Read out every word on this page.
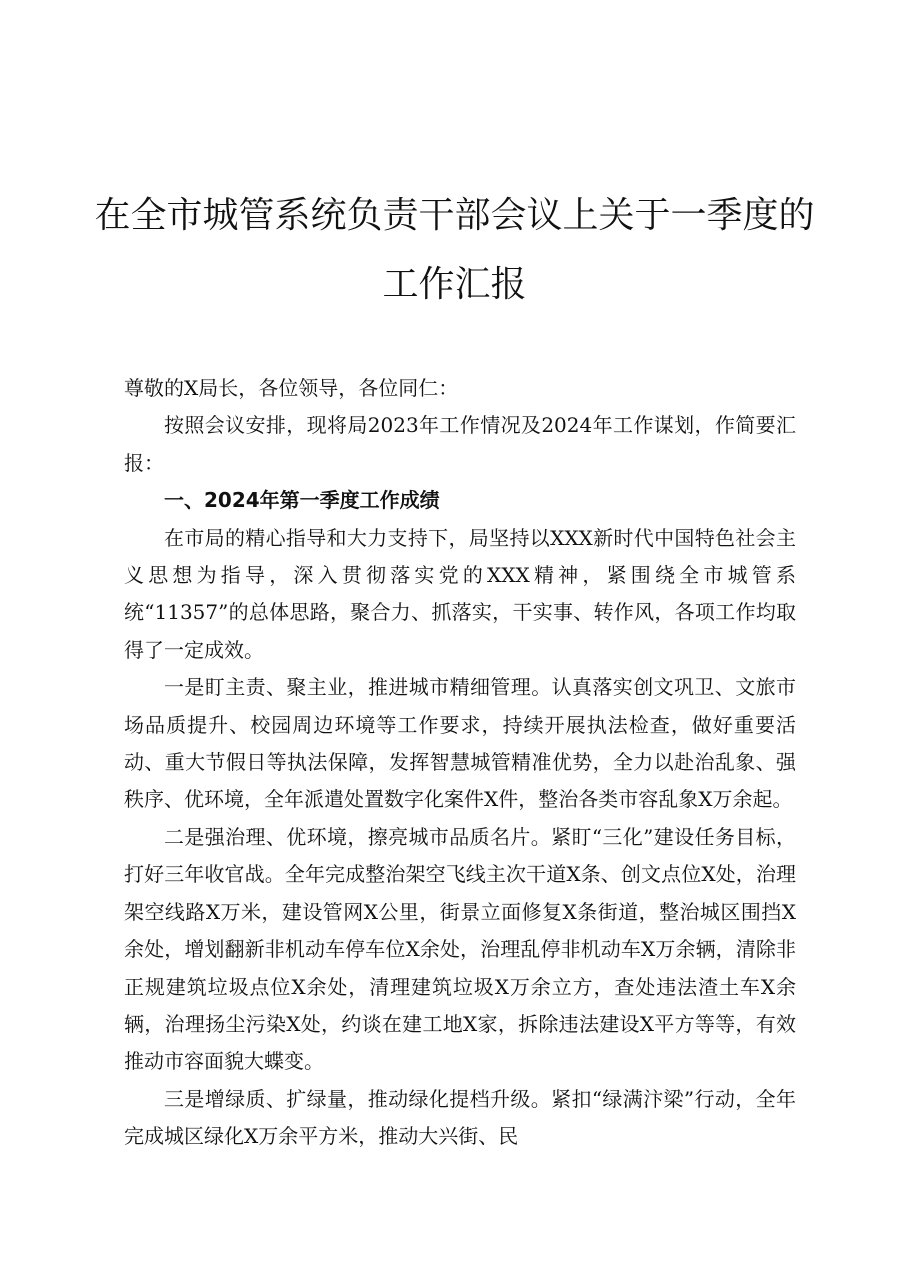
在全市城管系统负责干部会议上关于一季度的
工作汇报

尊敬的X局长，各位领导，各位同仁：

按照会议安排，现将局2023年工作情况及2024年工作谋划，作简要汇报：

一、2024年第一季度工作成绩

在市局的精心指导和大力支持下，局坚持以XXX新时代中国特色社会主义思想为指导，深入贯彻落实党的XXX精神，紧围绕全市城管系统“11357”的总体思路，聚合力、抓落实，干实事、转作风，各项工作均取得了一定成效。

一是盯主责、聚主业，推进城市精细管理。认真落实创文巩卫、文旅市场品质提升、校园周边环境等工作要求，持续开展执法检查，做好重要活动、重大节假日等执法保障，发挥智慧城管精准优势，全力以赴治乱象、强秩序、优环境，全年派遣处置数字化案件X件，整治各类市容乱象X万余起。

二是强治理、优环境，擦亮城市品质名片。紧盯“三化”建设任务目标，打好三年收官战。全年完成整治架空飞线主次干道X条、创文点位X处，治理架空线路X万米，建设管网X公里，街景立面修复X条街道，整治城区围挡X余处，增划翻新非机动车停车位X余处，治理乱停非机动车X万余辆，清除非正规建筑垃圾点位X余处，清理建筑垃圾X万余立方，查处违法渣土车X余辆，治理扬尘污染X处，约谈在建工地X家，拆除违法建设X平方等等，有效推动市容面貌大蝶变。

三是增绿质、扩绿量，推动绿化提档升级。紧扣“绿满汴梁”行动，全年完成城区绿化X万余平方米，推动大兴街、民
